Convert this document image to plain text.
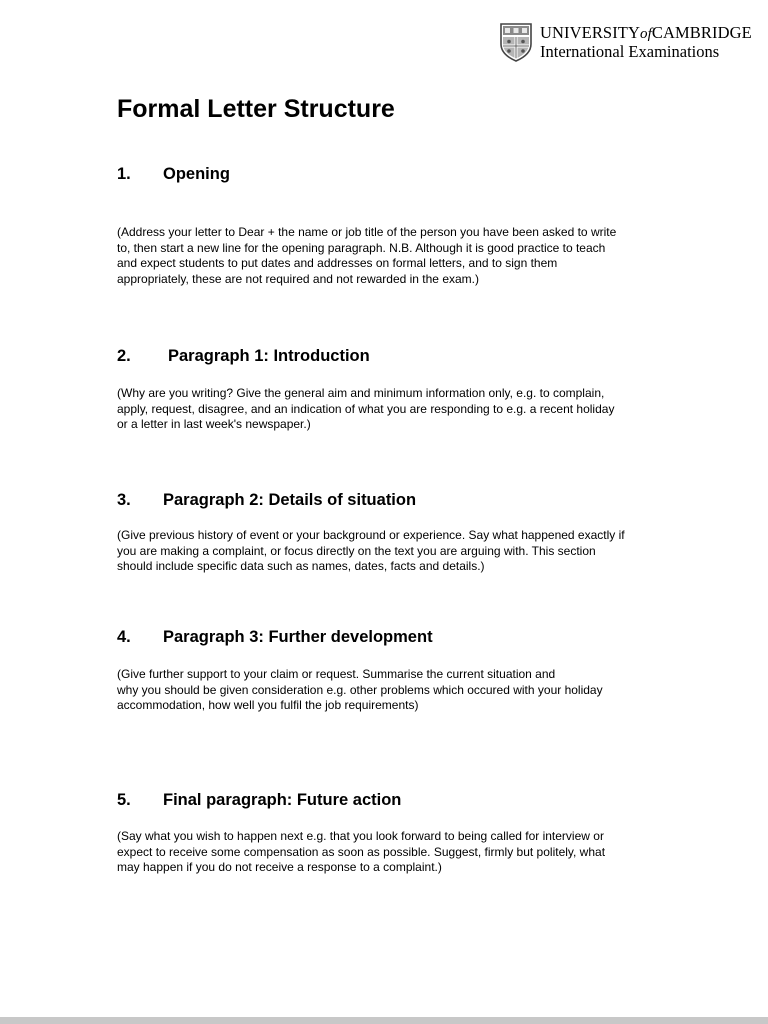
UNIVERSITYofCAMBRIDGE
International Examinations
Formal Letter Structure
1. Opening
(Address your letter to Dear + the name or job title of the person you have been asked to write
to, then start a new line for the opening paragraph. N.B. Although it is good practice to teach
and expect students to put dates and addresses on formal letters, and to sign them
appropriately, these are not required and not rewarded in the exam.)
2. Paragraph 1: Introduction
(Why are you writing? Give the general aim and minimum information only, e.g. to complain,
apply, request, disagree, and an indication of what you are responding to e.g. a recent holiday
or a letter in last week's newspaper.)
3. Paragraph 2: Details of situation
(Give previous history of event or your background or experience. Say what happened exactly if
you are making a complaint, or focus directly on the text you are arguing with. This section
should include specific data such as names, dates, facts and details.)
4. Paragraph 3: Further development
(Give further support to your claim or request. Summarise the current situation and
why you should be given consideration e.g. other problems which occured with your holiday
accommodation, how well you fulfil the job requirements)
5. Final paragraph: Future action
(Say what you wish to happen next e.g. that you look forward to being called for interview or
expect to receive some compensation as soon as possible. Suggest, firmly but politely, what
may happen if you do not receive a response to a complaint.)
